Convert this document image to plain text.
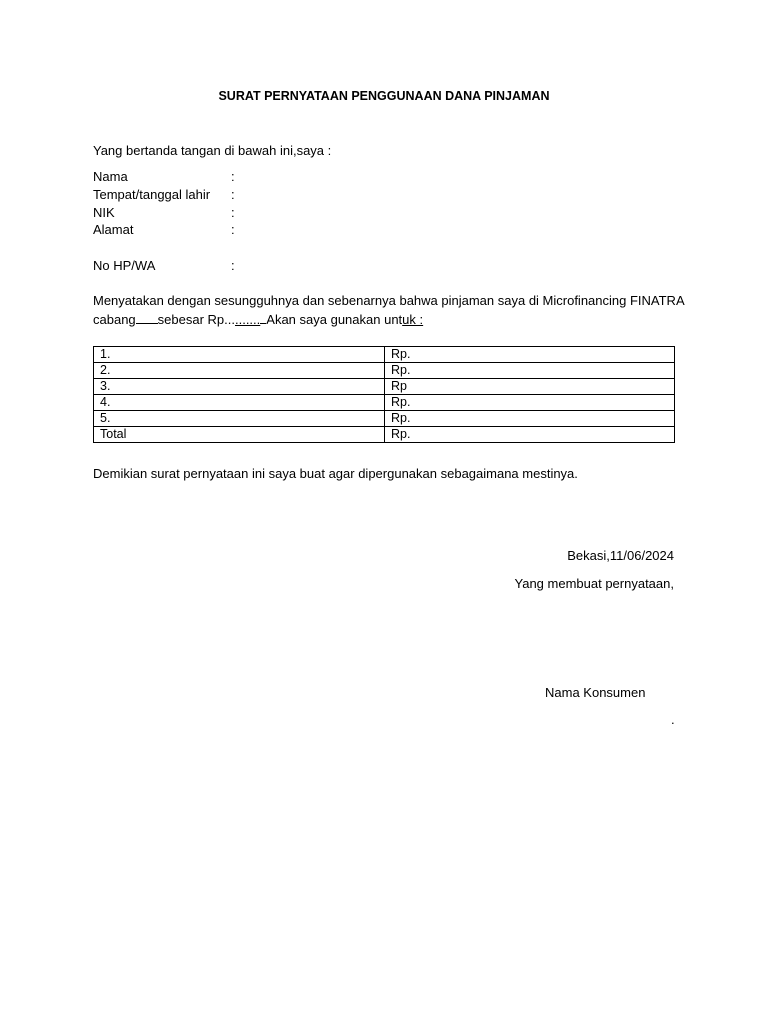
SURAT PERNYATAAN PENGGUNAAN DANA PINJAMAN
Yang bertanda tangan di bawah ini,saya :
Nama	:
Tempat/tanggal lahir :
NIK	:
Alamat	:
No HP/WA	:
Menyatakan dengan sesungguhnya dan sebenarnya bahwa pinjaman saya di Microfinancing FINATRA
cabang sebesar Rp.......... Akan saya gunakan untuk :
1.	Rp.
2.	Rp.
3.	Rp
4.	Rp.
5.	Rp.
Total	Rp.
Demikian surat pernyataan ini saya buat agar dipergunakan sebagaimana mestinya.
Bekasi,11/06/2024
Yang membuat pernyataan,
Nama Konsumen
.
